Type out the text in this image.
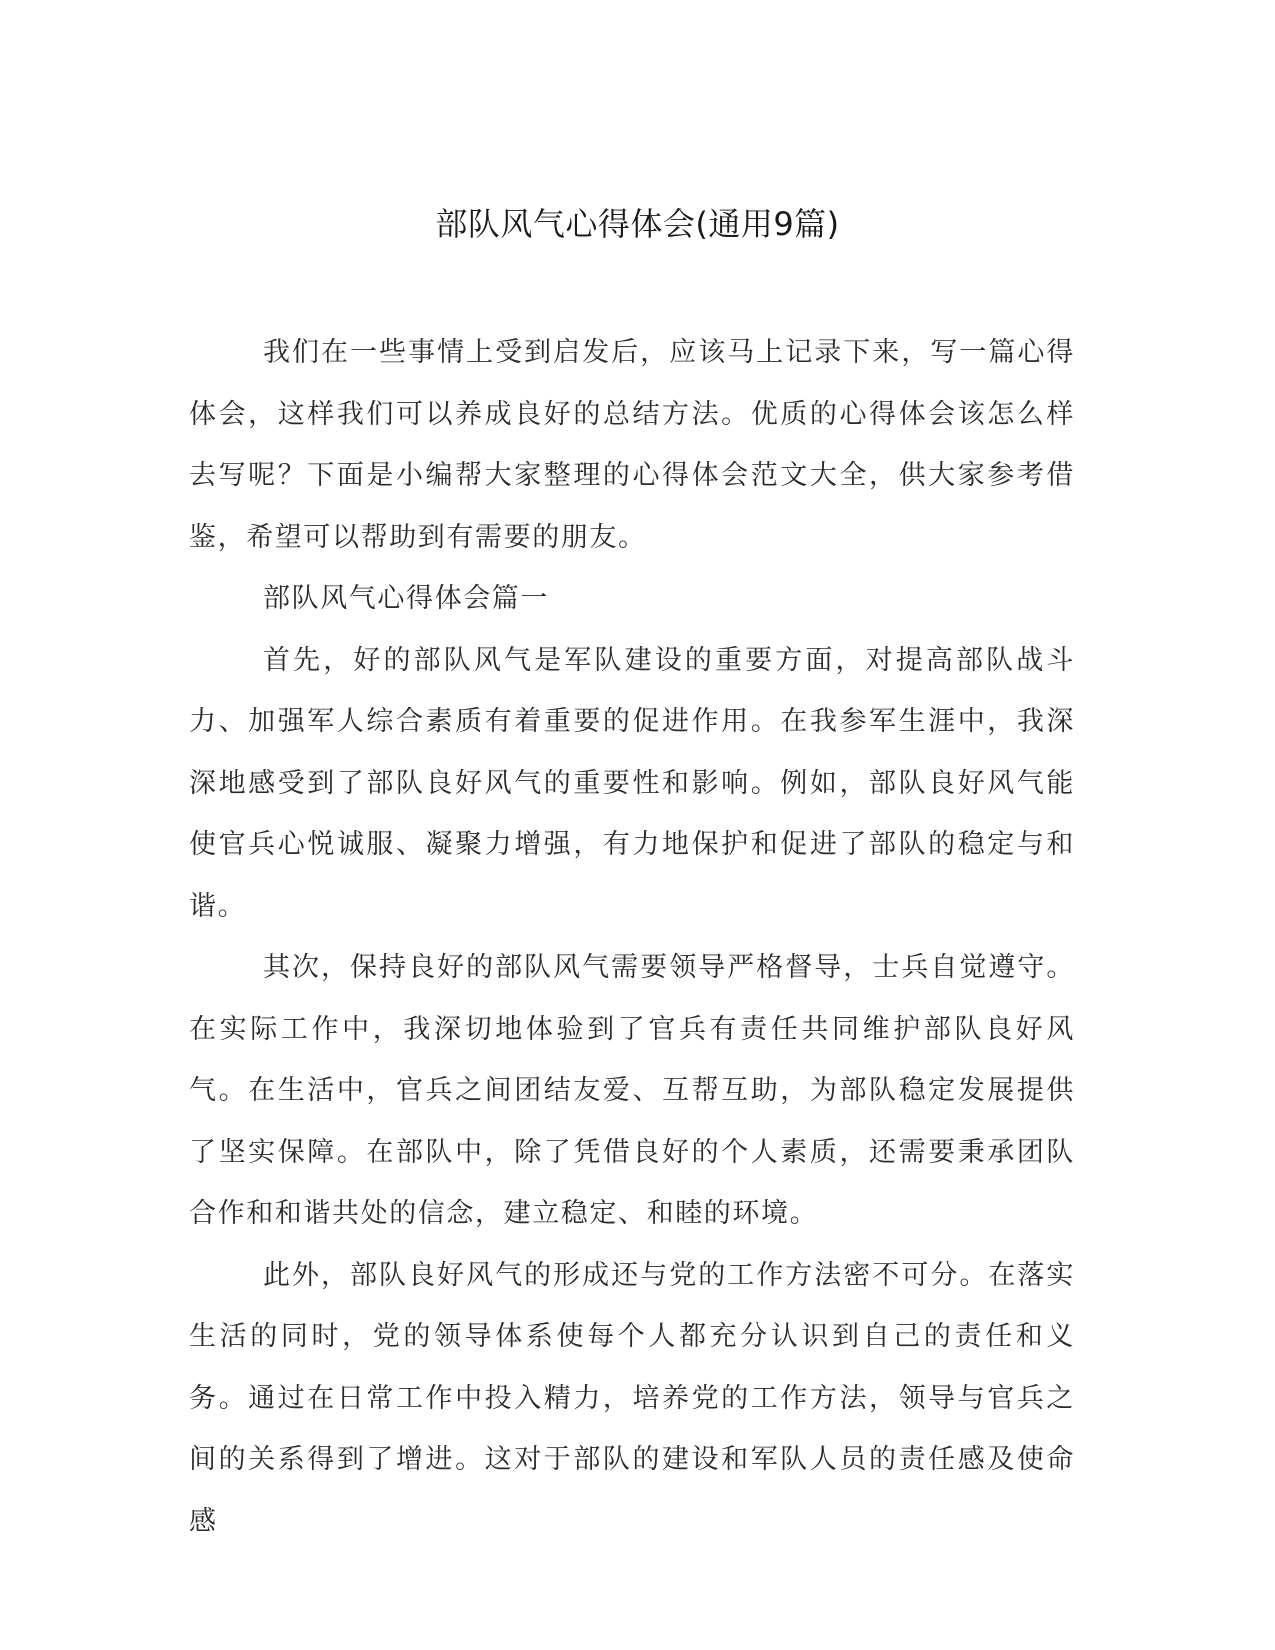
部队风气心得体会(通用9篇)

我们在一些事情上受到启发后，应该马上记录下来，写一篇心得体会，这样我们可以养成良好的总结方法。优质的心得体会该怎么样去写呢？下面是小编帮大家整理的心得体会范文大全，供大家参考借鉴，希望可以帮助到有需要的朋友。

部队风气心得体会篇一

首先，好的部队风气是军队建设的重要方面，对提高部队战斗力、加强军人综合素质有着重要的促进作用。在我参军生涯中，我深深地感受到了部队良好风气的重要性和影响。例如，部队良好风气能使官兵心悦诚服、凝聚力增强，有力地保护和促进了部队的稳定与和谐。

其次，保持良好的部队风气需要领导严格督导，士兵自觉遵守。在实际工作中，我深切地体验到了官兵有责任共同维护部队良好风气。在生活中，官兵之间团结友爱、互帮互助，为部队稳定发展提供了坚实保障。在部队中，除了凭借良好的个人素质，还需要秉承团队合作和和谐共处的信念，建立稳定、和睦的环境。

此外，部队良好风气的形成还与党的工作方法密不可分。在落实生活的同时，党的领导体系使每个人都充分认识到自己的责任和义务。通过在日常工作中投入精力，培养党的工作方法，领导与官兵之间的关系得到了增进。这对于部队的建设和军队人员的责任感及使命感
